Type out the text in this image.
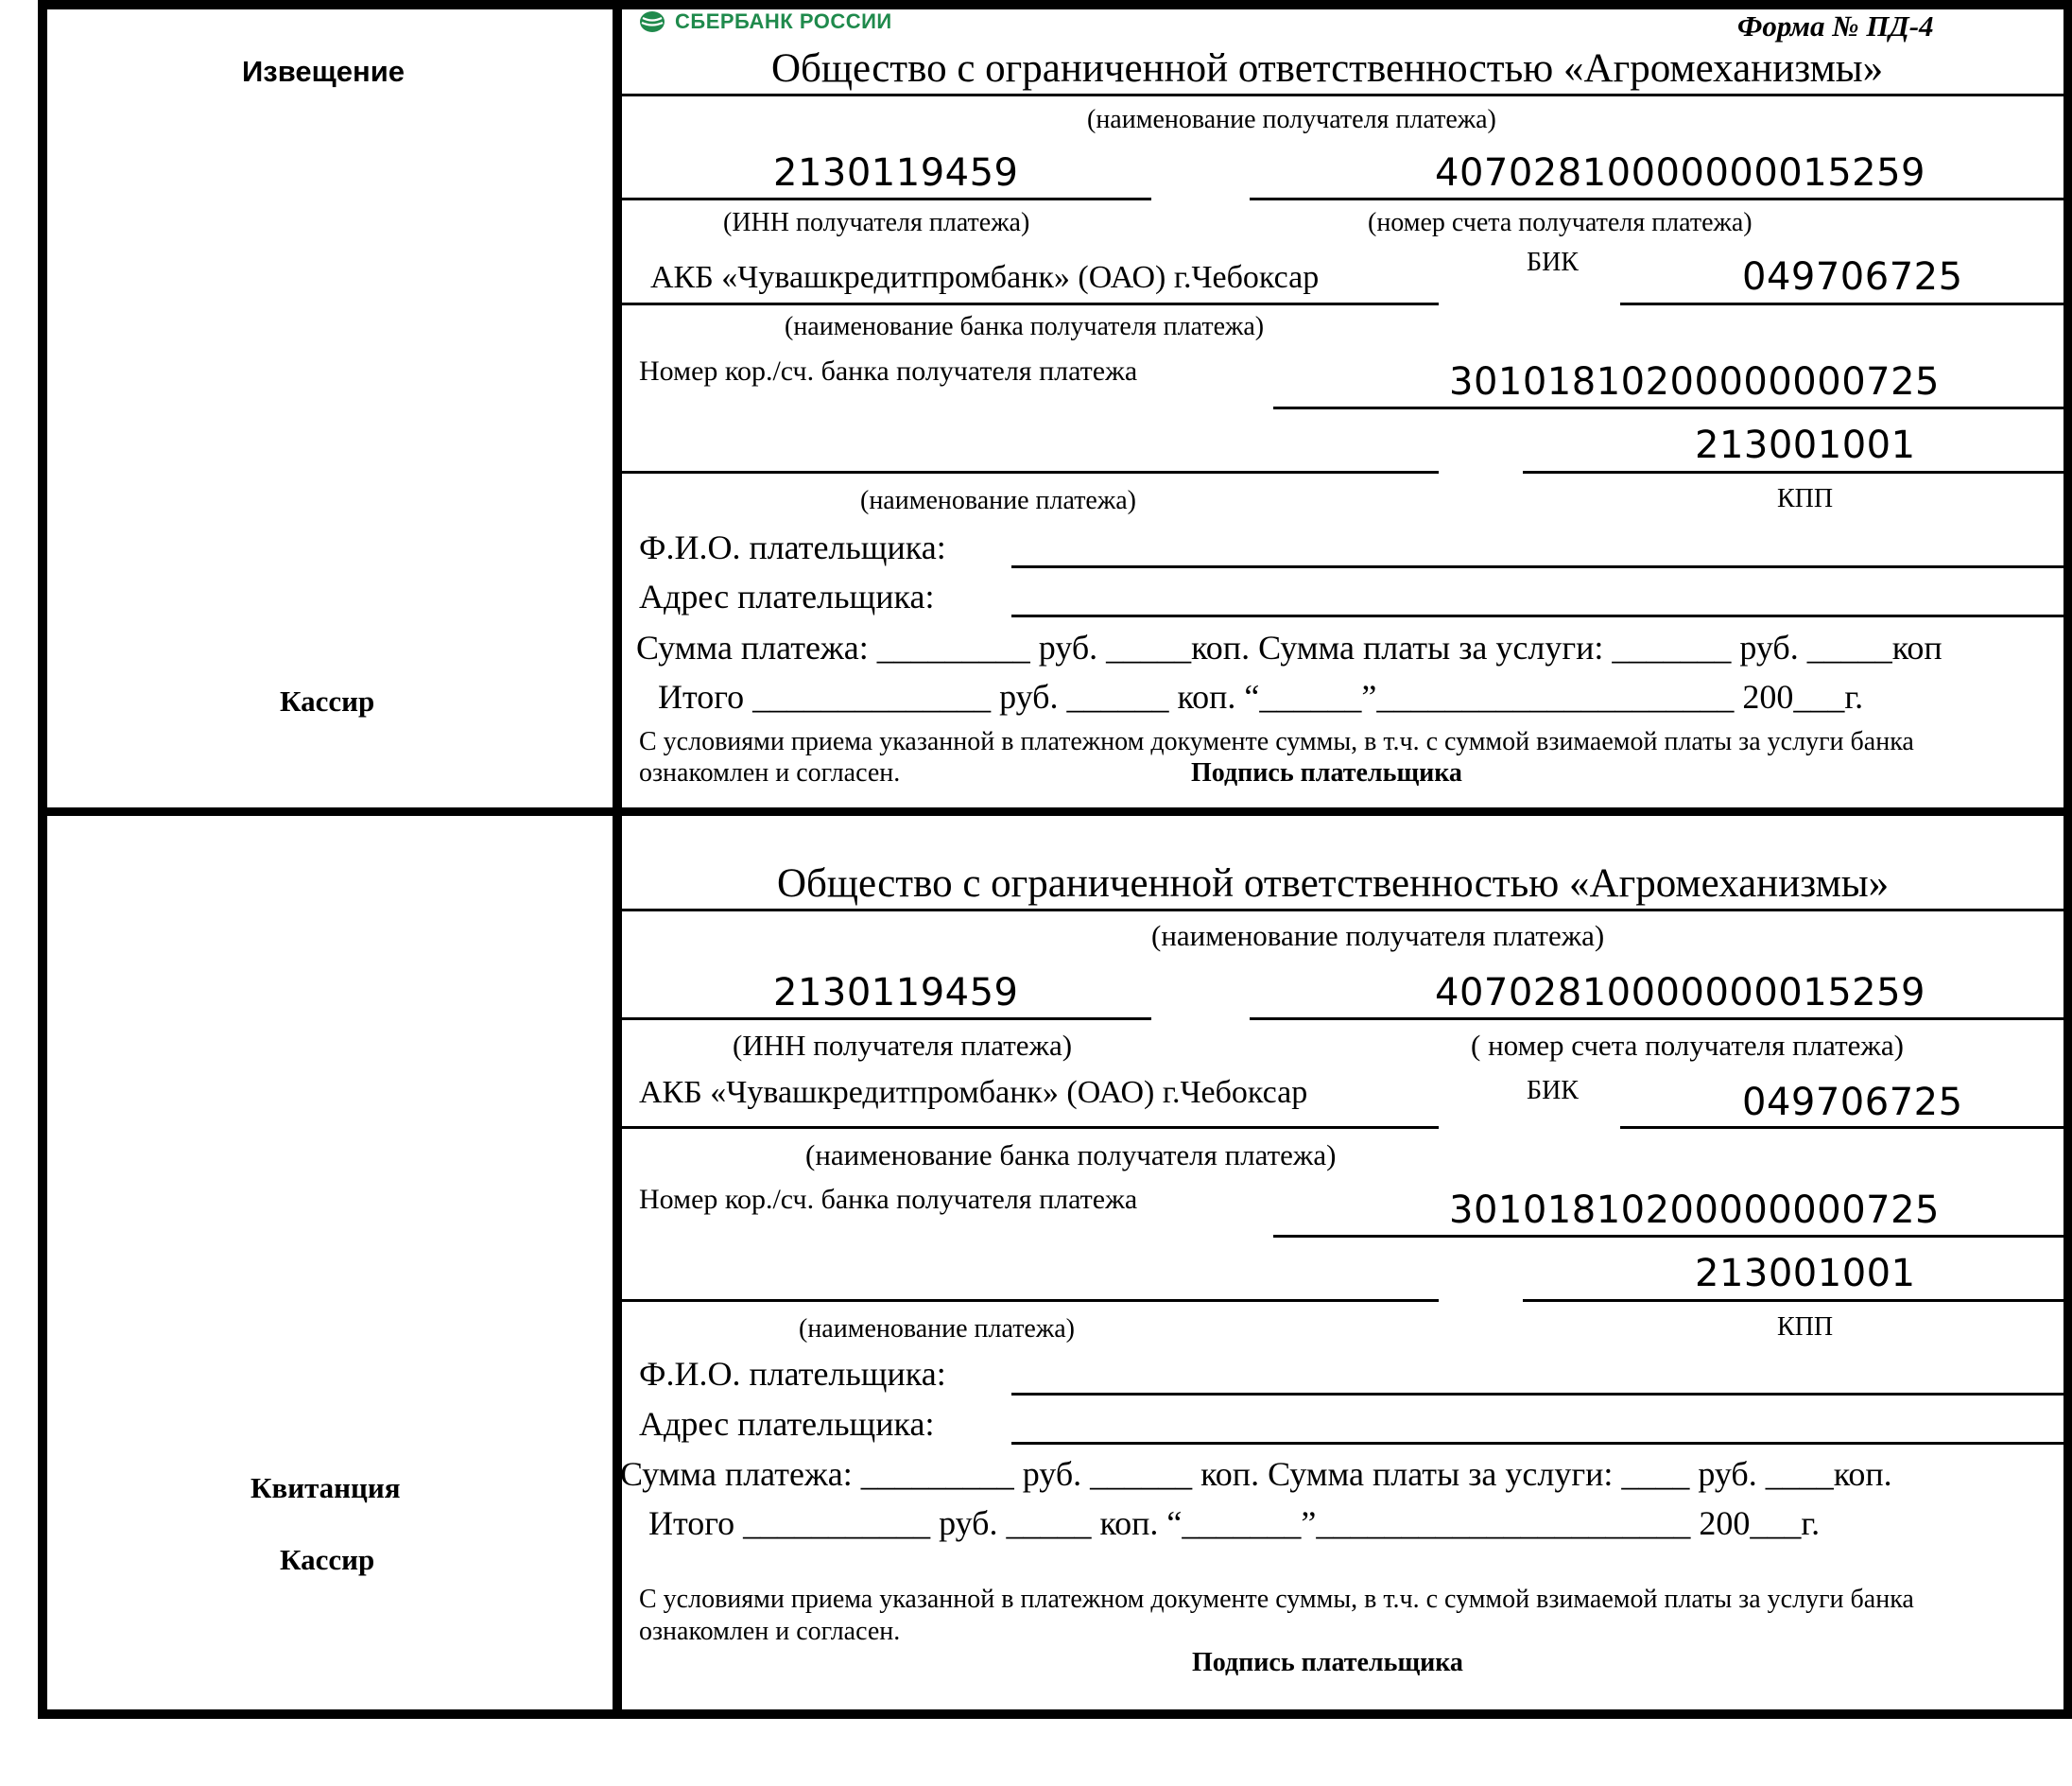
Извещение
Кассир
СБЕРБАНК РОССИИ	Форма № ПД-4
Общество с ограниченной ответственностью «Агромеханизмы»
(наименование получателя платежа)
2130119459	40702810000000015259
(ИНН получателя платежа)	(номер счета получателя платежа)
АКБ «Чувашкредитпромбанк» (ОАО) г.Чебоксар	БИК	049706725
(наименование банка получателя платежа)
Номер кор./сч. банка получателя платежа	30101810200000000725
213001001
(наименование платежа)	КПП
Ф.И.О. плательщика:
Адрес плательщика:
Сумма платежа: _________ руб. _____коп. Сумма платы за услуги: _______ руб. _____коп
Итого ______________ руб. ______ коп. “______”_____________________ 200___г.
С условиями приема указанной в платежном документе суммы, в т.ч. с суммой взимаемой платы за услуги банка
ознакомлен и согласен.	Подпись плательщика
Квитанция
Кассир
Общество с ограниченной ответственностью «Агромеханизмы»
(наименование получателя платежа)
2130119459	40702810000000015259
(ИНН получателя платежа)	( номер счета получателя платежа)
АКБ «Чувашкредитпромбанк» (ОАО) г.Чебоксар	БИК	049706725
(наименование банка получателя платежа)
Номер кор./сч. банка получателя платежа	30101810200000000725
213001001
(наименование платежа)	КПП
Ф.И.О. плательщика:
Адрес плательщика:
Сумма платежа: _________ руб. ______ коп. Сумма платы за услуги: ____ руб. ____коп.
Итого ___________ руб. _____ коп. “_______”______________________ 200___г.
С условиями приема указанной в платежном документе суммы, в т.ч. с суммой взимаемой платы за услуги банка
ознакомлен и согласен.
Подпись плательщика
